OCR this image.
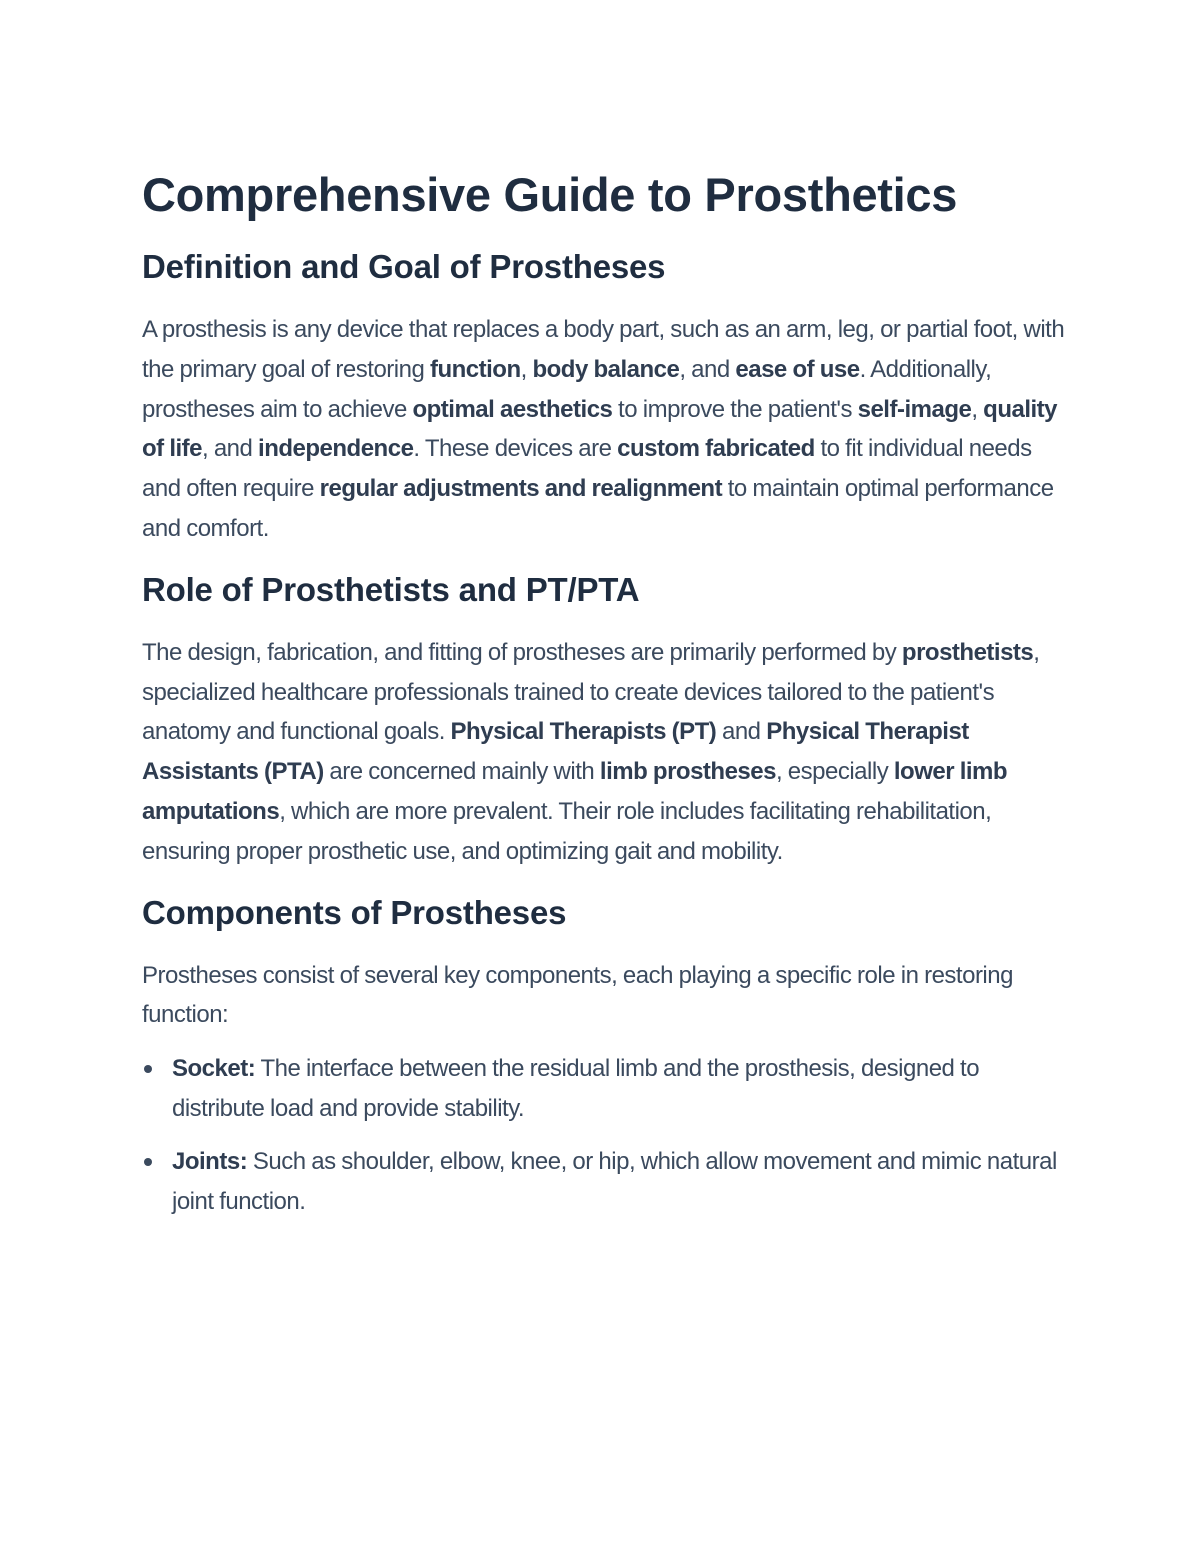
Comprehensive Guide to Prosthetics
Definition and Goal of Prostheses

A prosthesis is any device that replaces a body part, such as an arm, leg, or partial foot, with the primary goal of restoring function, body balance, and ease of use. Additionally, prostheses aim to achieve optimal aesthetics to improve the patient's self-image, quality of life, and independence. These devices are custom fabricated to fit individual needs and often require regular adjustments and realignment to maintain optimal performance and comfort.

Role of Prosthetists and PT/PTA

The design, fabrication, and fitting of prostheses are primarily performed by prosthetists, specialized healthcare professionals trained to create devices tailored to the patient's anatomy and functional goals. Physical Therapists (PT) and Physical Therapist Assistants (PTA) are concerned mainly with limb prostheses, especially lower limb amputations, which are more prevalent. Their role includes facilitating rehabilitation, ensuring proper prosthetic use, and optimizing gait and mobility.

Components of Prostheses

Prostheses consist of several key components, each playing a specific role in restoring function:

Socket: The interface between the residual limb and the prosthesis, designed to distribute load and provide stability.
Joints: Such as shoulder, elbow, knee, or hip, which allow movement and mimic natural joint function.
